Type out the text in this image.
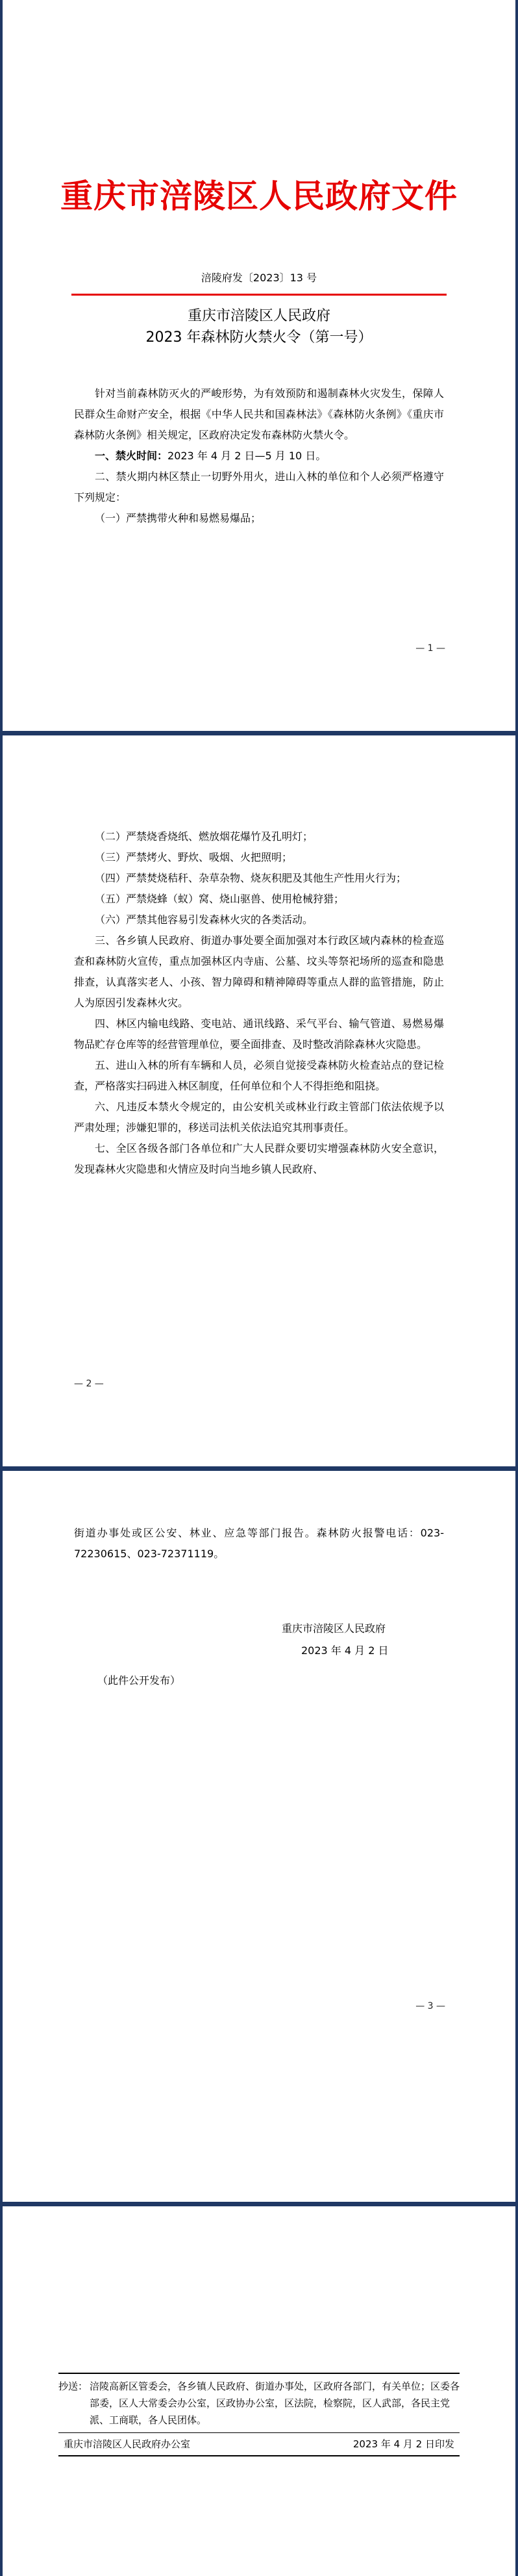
重庆市涪陵区人民政府文件
涪陵府发〔2023〕13 号
重庆市涪陵区人民政府
2023 年森林防火禁火令（第一号）

针对当前森林防灭火的严峻形势，为有效预防和遏制森林火灾发生，保障人民群众生命财产安全，根据《中华人民共和国森林法》《森林防火条例》《重庆市森林防火条例》相关规定，区政府决定发布森林防火禁火令。

一、禁火时间：2023 年 4 月 2 日—5 月 10 日。

二、禁火期内林区禁止一切野外用火，进山入林的单位和个人必须严格遵守下列规定：

（一）严禁携带火种和易燃易爆品；

— 1 —

（二）严禁烧香烧纸、燃放烟花爆竹及孔明灯；

（三）严禁烤火、野炊、吸烟、火把照明；

（四）严禁焚烧秸秆、杂草杂物、烧灰积肥及其他生产性用火行为；

（五）严禁烧蜂（蚁）窝、烧山驱兽、使用枪械狩猎；

（六）严禁其他容易引发森林火灾的各类活动。

三、各乡镇人民政府、街道办事处要全面加强对本行政区域内森林的检查巡查和森林防火宣传，重点加强林区内寺庙、公墓、坟头等祭祀场所的巡查和隐患排查，认真落实老人、小孩、智力障碍和精神障碍等重点人群的监管措施，防止人为原因引发森林火灾。

四、林区内输电线路、变电站、通讯线路、采气平台、输气管道、易燃易爆物品贮存仓库等的经营管理单位，要全面排查、及时整改消除森林火灾隐患。

五、进山入林的所有车辆和人员，必须自觉接受森林防火检查站点的登记检查，严格落实扫码进入林区制度，任何单位和个人不得拒绝和阻挠。

六、凡违反本禁火令规定的，由公安机关或林业行政主管部门依法依规予以严肃处理；涉嫌犯罪的，移送司法机关依法追究其刑事责任。

七、全区各级各部门各单位和广大人民群众要切实增强森林防火安全意识，发现森林火灾隐患和火情应及时向当地乡镇人民政府、

— 2 —

街道办事处或区公安、林业、应急等部门报告。森林防火报警电话：023-72230615、023-72371119。

重庆市涪陵区人民政府
2023 年 4 月 2 日
（此件公开发布）
— 3 —
抄送： 涪陵高新区管委会，各乡镇人民政府、街道办事处，区政府各部门，有关单位；区委各部委，区人大常委会办公室，区政协办公室，区法院，检察院，区人武部，各民主党派、工商联，各人民团体。
重庆市涪陵区人民政府办公室	2023 年 4 月 2 日印发
